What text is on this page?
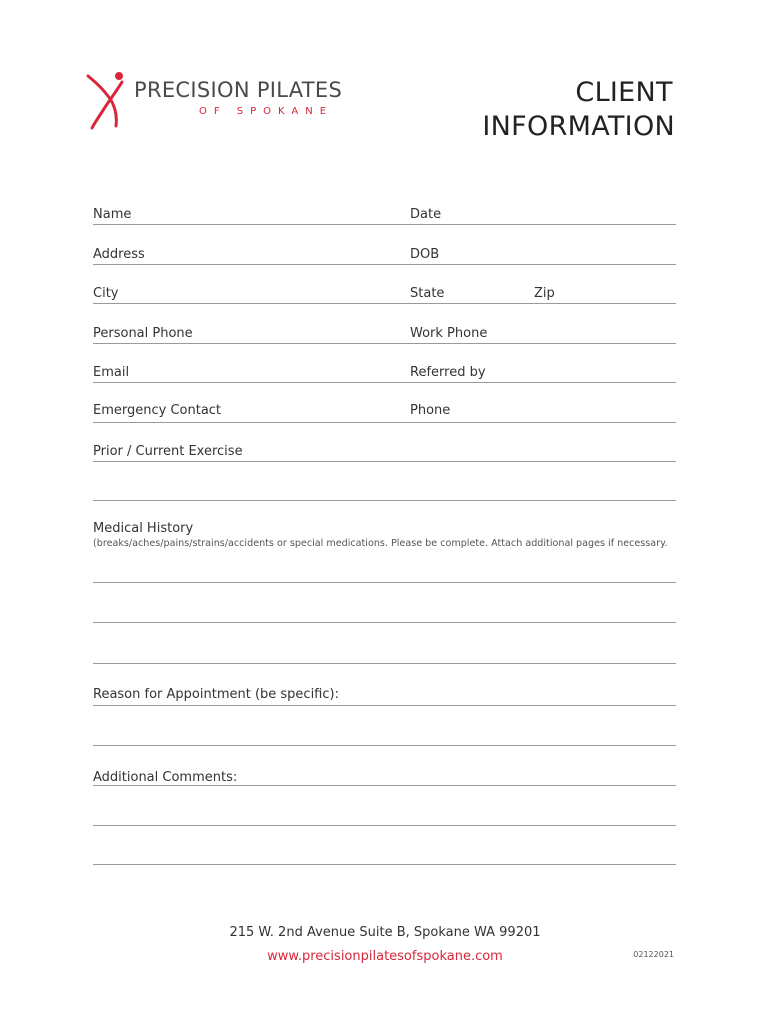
PRECISION PILATES
OF SPOKANE
CLIENT
INFORMATION
Name	Date
Address	DOB
City	State	Zip
Personal Phone	Work Phone
Email	Referred by
Emergency Contact	Phone
Prior / Current Exercise
Medical History
(breaks/aches/pains/strains/accidents or special medications. Please be complete. Attach additional pages if necessary.
Reason for Appointment (be specific):
Additional Comments:
215 W. 2nd Avenue Suite B, Spokane WA 99201
www.precisionpilatesofspokane.com	02122021
